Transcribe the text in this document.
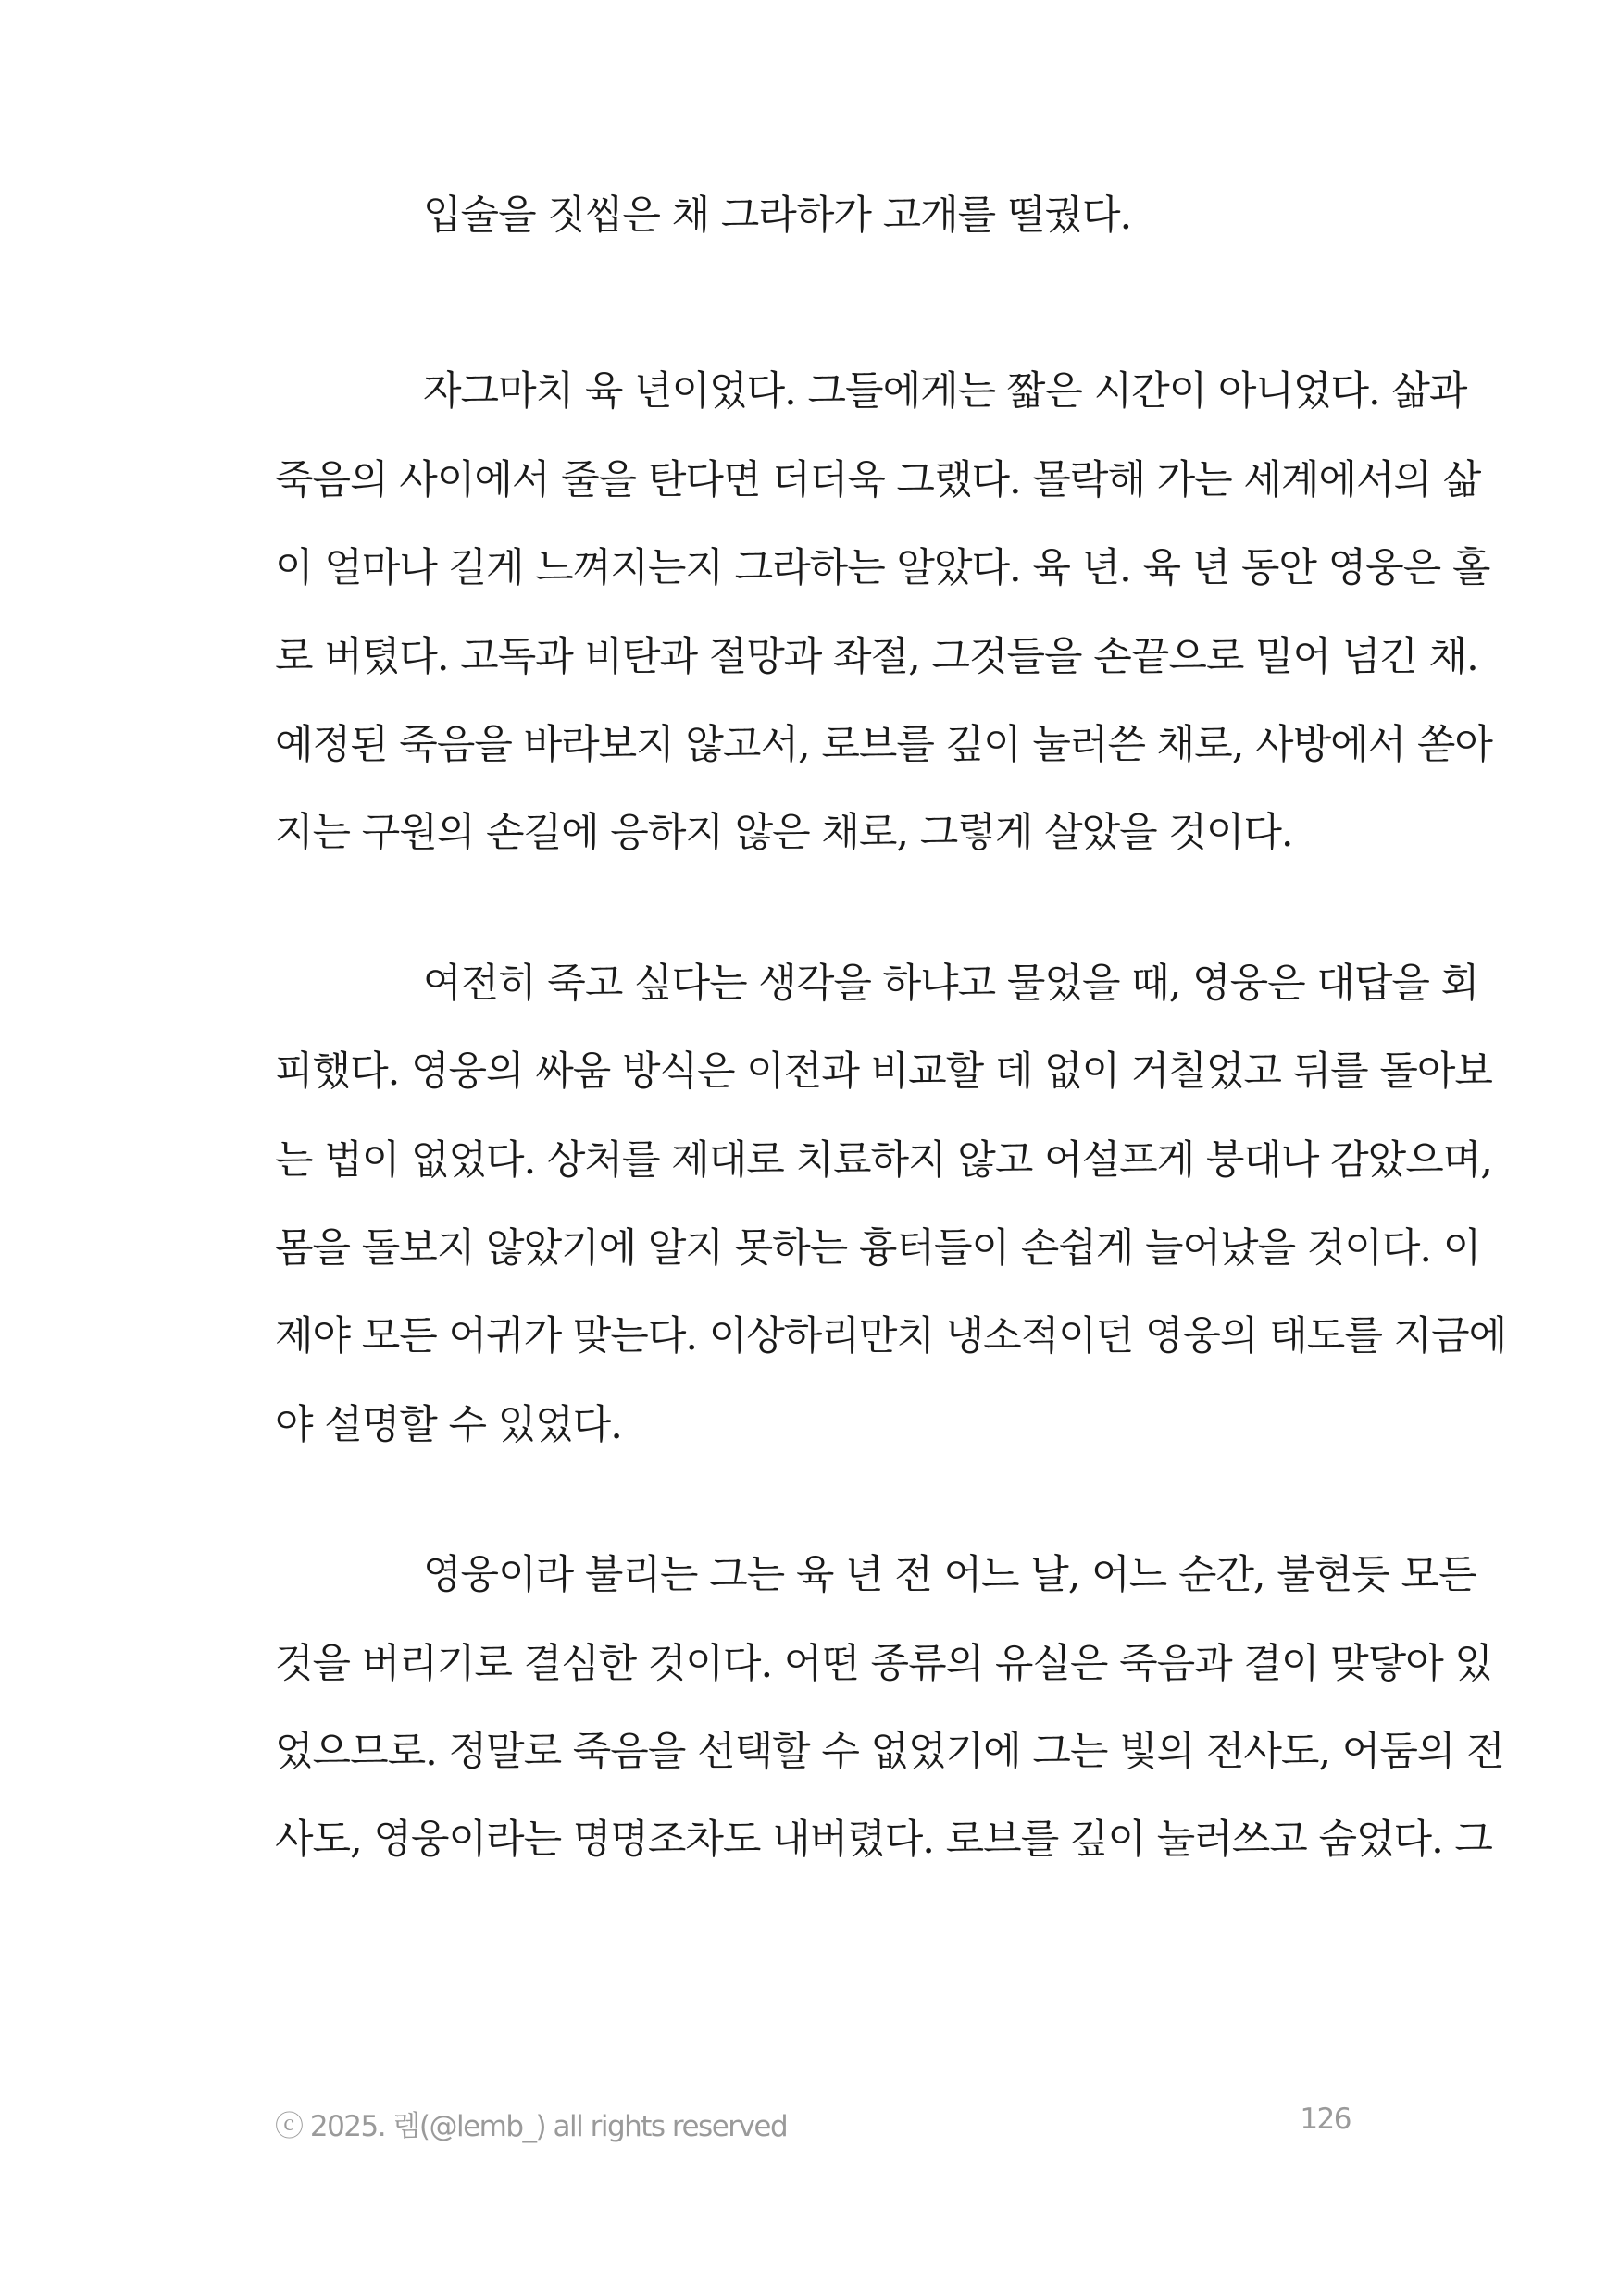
입술을 짓씹은 채 그라하가 고개를 떨궜다.
자그마치 육 년이었다. 그들에게는 짧은 시간이 아니었다. 삶과
죽음의 사이에서 줄을 탄다면 더더욱 그랬다. 몰락해 가는 세계에서의 삶
이 얼마나 길게 느껴지는지 그라하는 알았다. 육 년. 육 년 동안 영웅은 홀
로 버텼다. 고독과 비탄과 절망과 좌절, 그것들을 손끝으로 밀어 넘긴 채.
예정된 죽음을 바라보지 않고서, 로브를 깊이 눌러쓴 채로, 사방에서 쏟아
지는 구원의 손길에 응하지 않은 채로, 그렇게 살았을 것이다.
여전히 죽고 싶다는 생각을 하냐고 물었을 때, 영웅은 대답을 회
피했다. 영웅의 싸움 방식은 이전과 비교할 데 없이 거칠었고 뒤를 돌아보
는 법이 없었다. 상처를 제대로 치료하지 않고 어설프게 붕대나 감았으며,
몸을 돌보지 않았기에 알지 못하는 흉터들이 손쉽게 늘어났을 것이다. 이
제야 모든 어귀가 맞는다. 이상하리만치 냉소적이던 영웅의 태도를 지금에
야 설명할 수 있었다.
영웅이라 불리는 그는 육 년 전 어느 날, 어느 순간, 불현듯 모든
것을 버리기로 결심한 것이다. 어떤 종류의 유실은 죽음과 결이 맞닿아 있
었으므로. 정말로 죽음을 선택할 수 없었기에 그는 빛의 전사도, 어둠의 전
사도, 영웅이라는 명명조차도 내버렸다. 로브를 깊이 눌러쓰고 숨었다. 그
ⓒ 2025. 렘(@lemb_) all rights reserved	126
